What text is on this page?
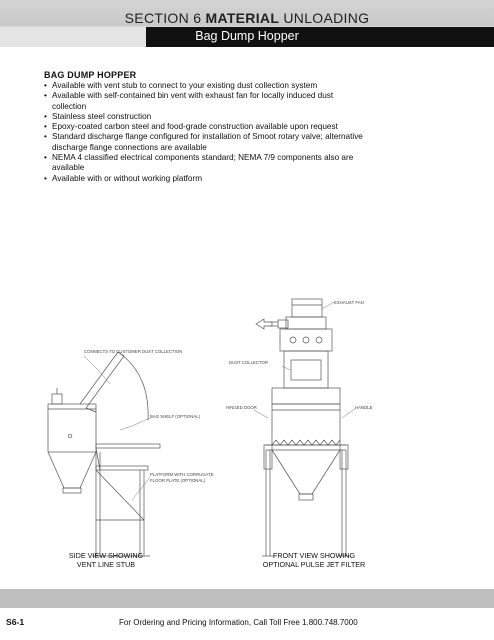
SECTION 6 MATERIAL UNLOADING
Bag Dump Hopper
BAG DUMP HOPPER
• Available with vent stub to connect to your existing dust collection system
• Available with self-contained bin vent with exhaust fan for locally induced dust collection
• Stainless steel construction
• Epoxy-coated carbon steel and food-grade construction available upon request
• Standard discharge flange configured for installation of Smoot rotary valve; alternative discharge flange connections are available
• NEMA 4 classified electrical components standard; NEMA 7/9 components also are available
• Available with or without working platform
EXHAUST FAN
CONNECTS TO CUSTOMER DUST COLLECTION
DUST COLLECTOR
HINGED DOOR	HANDLE
BAG SHELF (OPTIONAL)
PLATFORM WITH CORRUGATE
FLOOR PLATE (OPTIONAL)
SIDE VIEW SHOWING
VENT LINE STUB
FRONT VIEW SHOWING
OPTIONAL PULSE JET FILTER
S6-1	For Ordering and Pricing Information, Call Toll Free 1.800.748.7000
